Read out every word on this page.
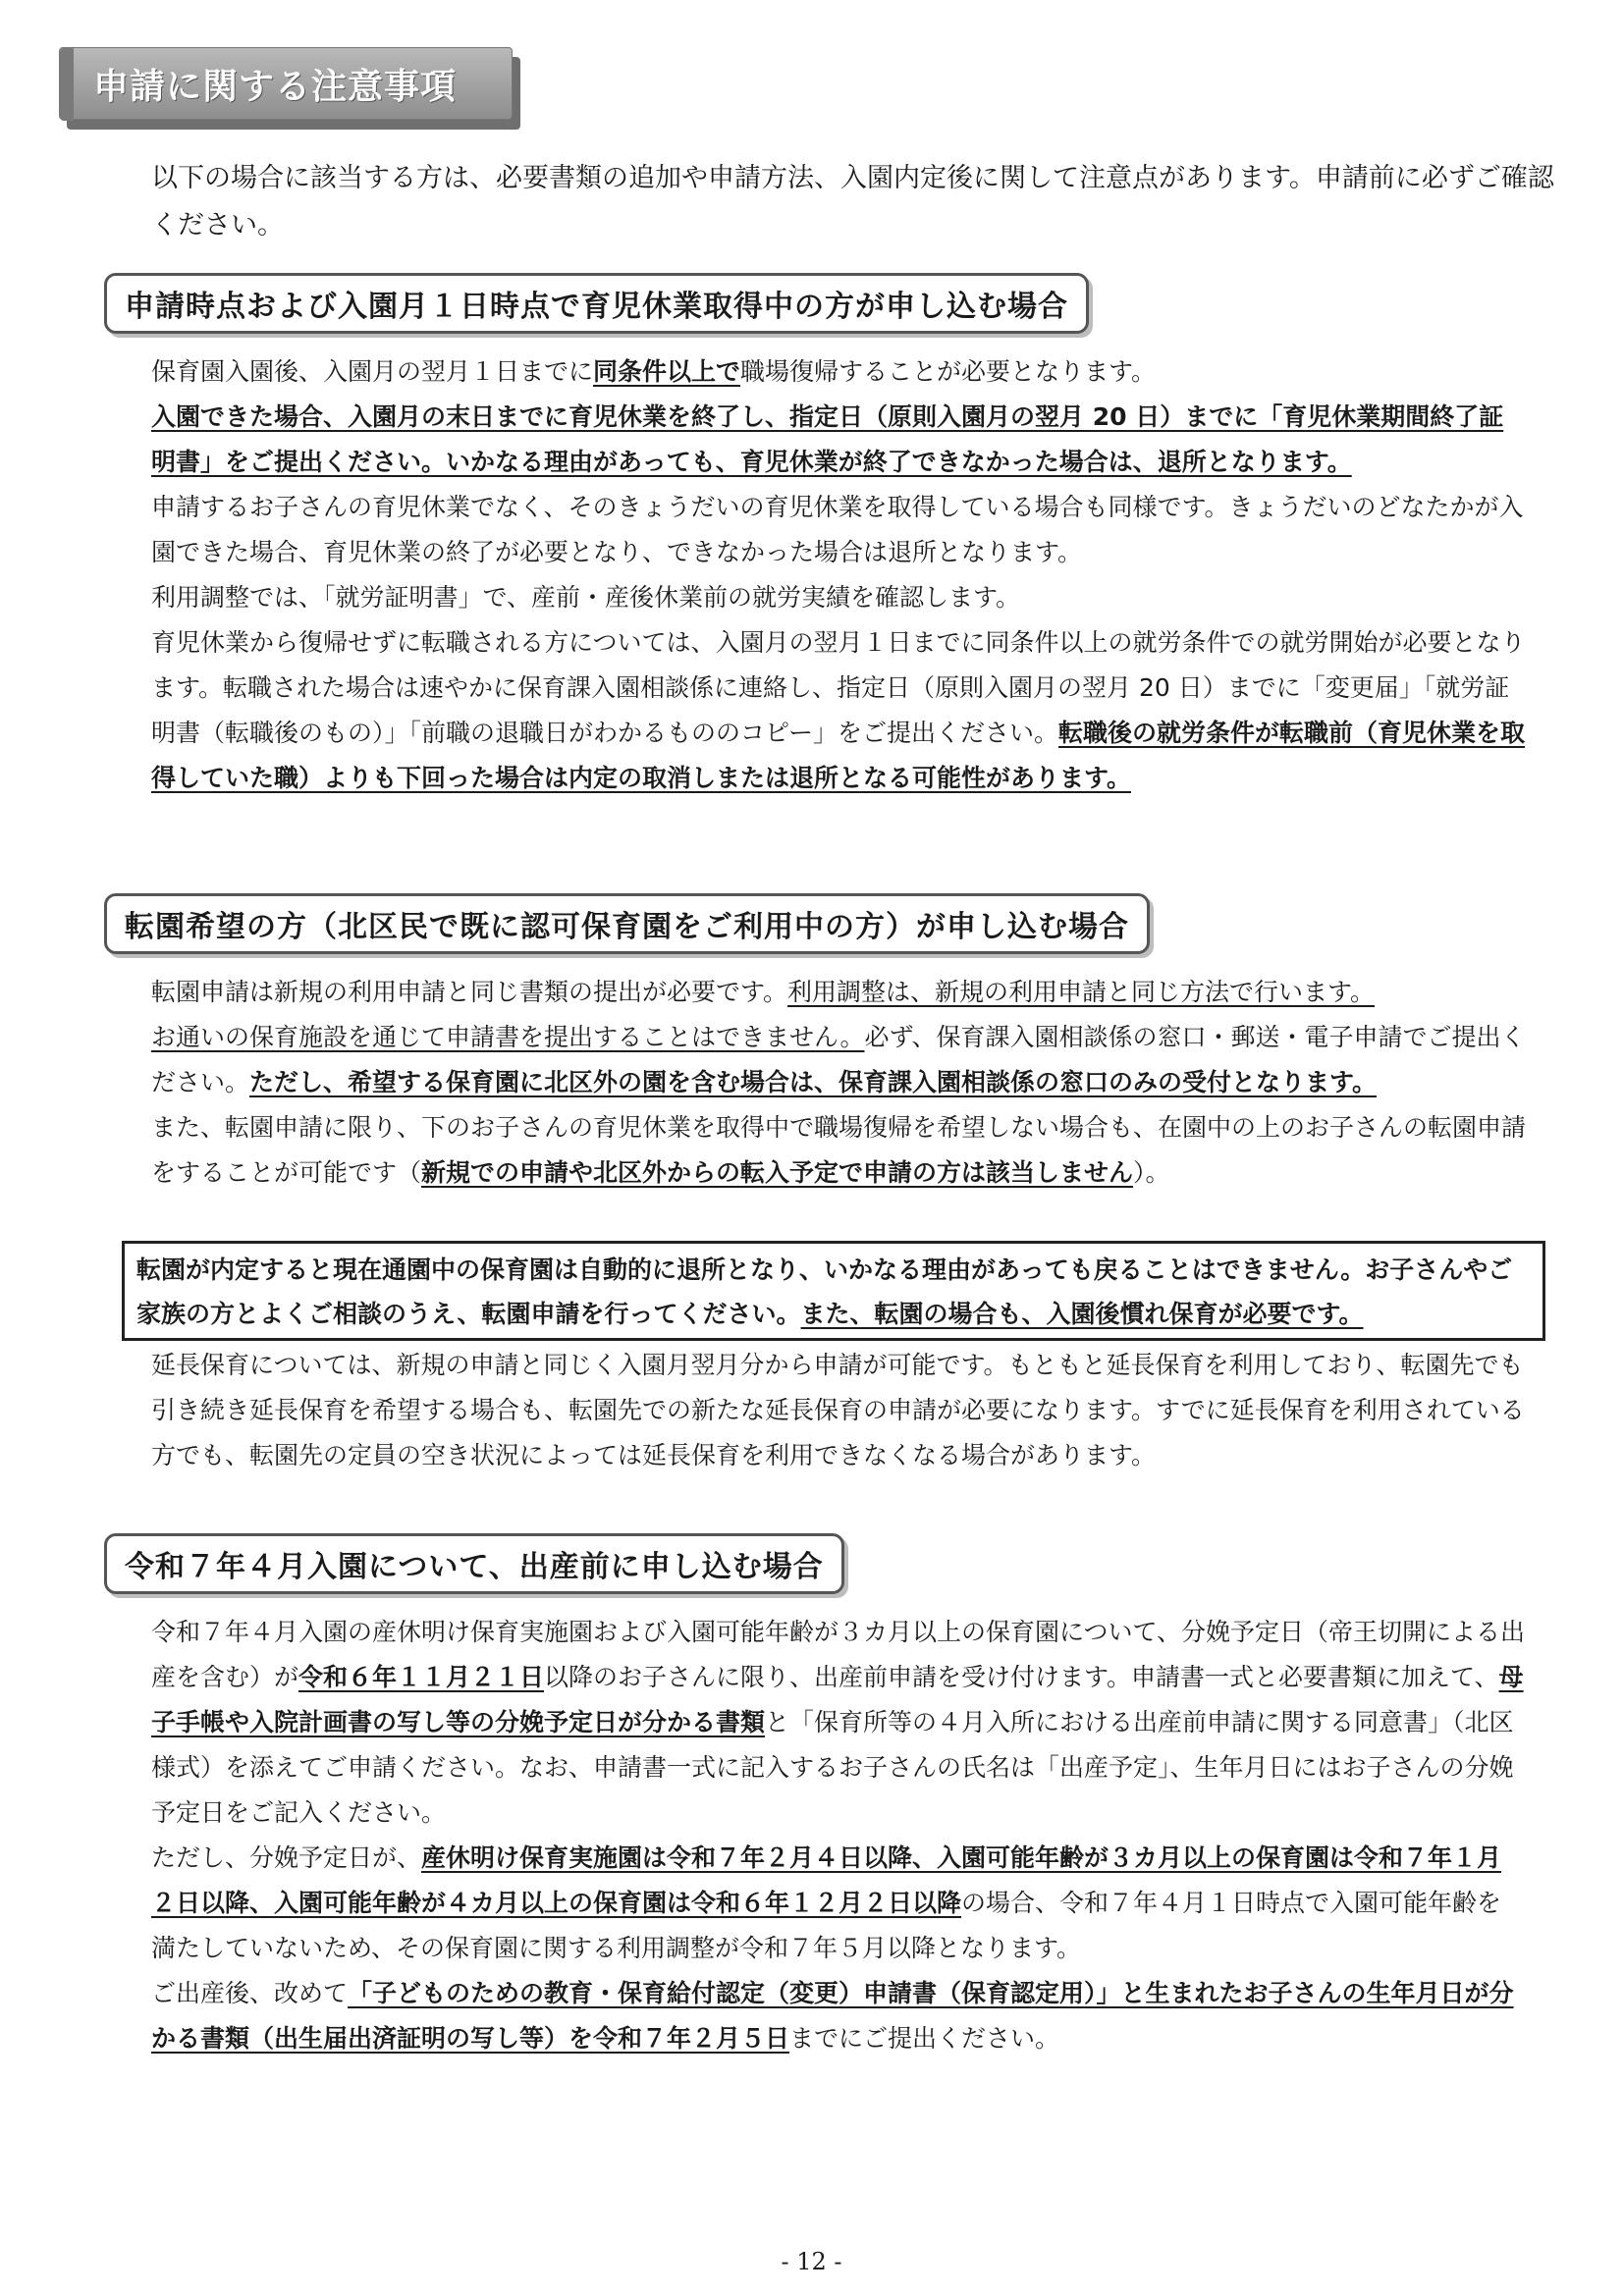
申請に関する注意事項
以下の場合に該当する方は、必要書類の追加や申請方法、入園内定後に関して注意点があります。申請前に必ずご確認ください。
申請時点および入園月１日時点で育児休業取得中の方が申し込む場合
保育園入園後、入園月の翌月１日までに同条件以上で職場復帰することが必要となります。
入園できた場合、入園月の末日までに育児休業を終了し、指定日（原則入園月の翌月 20 日）までに「育児休業期間終了証明書」をご提出ください。いかなる理由があっても、育児休業が終了できなかった場合は、退所となります。
申請するお子さんの育児休業でなく、そのきょうだいの育児休業を取得している場合も同様です。きょうだいのどなたかが入園できた場合、育児休業の終了が必要となり、できなかった場合は退所となります。
利用調整では、「就労証明書」で、産前・産後休業前の就労実績を確認します。
育児休業から復帰せずに転職される方については、入園月の翌月１日までに同条件以上の就労条件での就労開始が必要となります。転職された場合は速やかに保育課入園相談係に連絡し、指定日（原則入園月の翌月 20 日）までに「変更届」「就労証明書（転職後のもの）」「前職の退職日がわかるもののコピー」をご提出ください。転職後の就労条件が転職前（育児休業を取得していた職）よりも下回った場合は内定の取消しまたは退所となる可能性があります。
転園希望の方（北区民で既に認可保育園をご利用中の方）が申し込む場合
転園申請は新規の利用申請と同じ書類の提出が必要です。利用調整は、新規の利用申請と同じ方法で行います。
お通いの保育施設を通じて申請書を提出することはできません。必ず、保育課入園相談係の窓口・郵送・電子申請でご提出ください。ただし、希望する保育園に北区外の園を含む場合は、保育課入園相談係の窓口のみの受付となります。
また、転園申請に限り、下のお子さんの育児休業を取得中で職場復帰を希望しない場合も、在園中の上のお子さんの転園申請をすることが可能です（新規での申請や北区外からの転入予定で申請の方は該当しません）。
転園が内定すると現在通園中の保育園は自動的に退所となり、いかなる理由があっても戻ることはできません。お子さんやご家族の方とよくご相談のうえ、転園申請を行ってください。また、転園の場合も、入園後慣れ保育が必要です。
延長保育については、新規の申請と同じく入園月翌月分から申請が可能です。もともと延長保育を利用しており、転園先でも引き続き延長保育を希望する場合も、転園先での新たな延長保育の申請が必要になります。すでに延長保育を利用されている方でも、転園先の定員の空き状況によっては延長保育を利用できなくなる場合があります。
令和７年４月入園について、出産前に申し込む場合
令和７年４月入園の産休明け保育実施園および入園可能年齢が３カ月以上の保育園について、分娩予定日（帝王切開による出産を含む）が令和６年１１月２１日以降のお子さんに限り、出産前申請を受け付けます。申請書一式と必要書類に加えて、母子手帳や入院計画書の写し等の分娩予定日が分かる書類と「保育所等の４月入所における出産前申請に関する同意書」（北区様式）を添えてご申請ください。なお、申請書一式に記入するお子さんの氏名は「出産予定」、生年月日にはお子さんの分娩予定日をご記入ください。
ただし、分娩予定日が、産休明け保育実施園は令和７年２月４日以降、入園可能年齢が３カ月以上の保育園は令和７年１月２日以降、入園可能年齢が４カ月以上の保育園は令和６年１２月２日以降の場合、令和７年４月１日時点で入園可能年齢を満たしていないため、その保育園に関する利用調整が令和７年５月以降となります。
ご出産後、改めて「子どものための教育・保育給付認定（変更）申請書（保育認定用）」と生まれたお子さんの生年月日が分かる書類（出生届出済証明の写し等）を令和７年２月５日までにご提出ください。
- 12 -
